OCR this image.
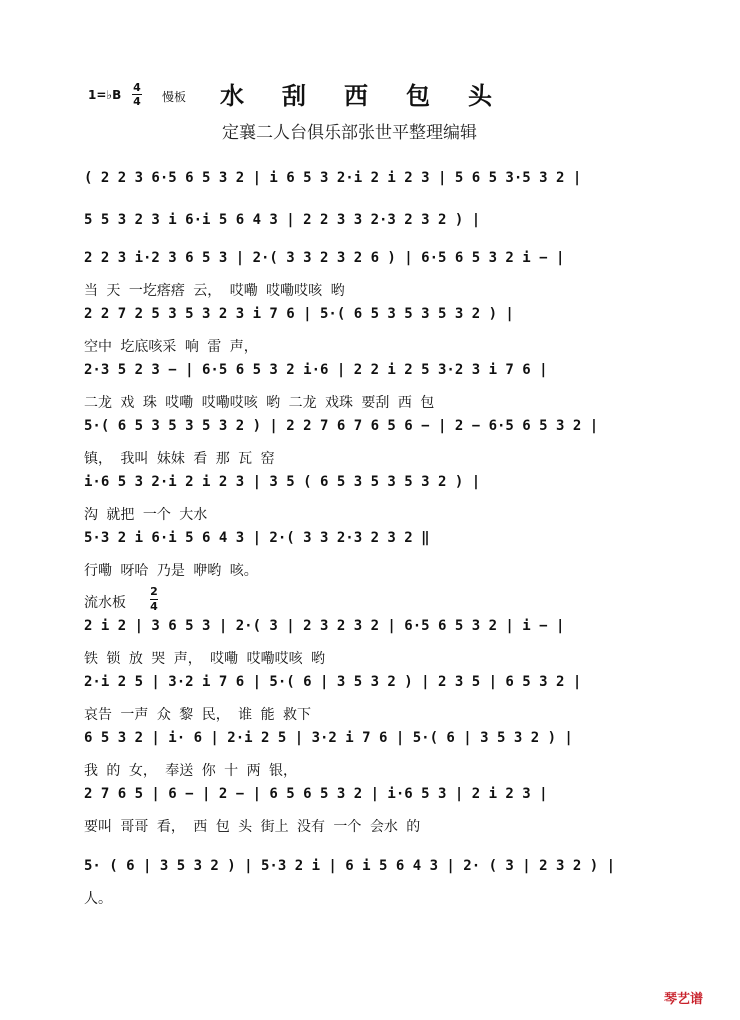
1=♭B
4
4 慢板 水刮西包头
定襄二人台俱乐部张世平整理编辑
( 2 2 3 6·5 6 5 3 2 | i 6 5 3 2·i 2 i 2 3 | 5 6 5 3·5 3 2 |
5 5 3 2 3 i 6·i 5 6 4 3 | 2 2 3 3 2·3 2 3 2 ) |
2 2 3 i·2 3 6 5 3 | 2·( 3 3 2 3 2 6 ) | 6·5 6 5 3 2 i − |
当 天 一圪瘩瘩 云， 哎嘞 哎嘞哎咳 哟
2 2 7 2 5 3 5 3 2 3 i 7 6 | 5·( 6 5 3 5 3 5 3 2 ) |
空中 圪底咳采 响 雷 声，
2·3 5 2 3 − | 6·5 6 5 3 2 i·6 | 2 2 i 2 5 3·2 3 i 7 6 |
二龙 戏 珠 哎嘞 哎嘞哎咳 哟 二龙 戏珠 要刮 西 包
5·( 6 5 3 5 3 5 3 2 ) | 2 2 7 6 7 6 5 6 − | 2 − 6·5 6 5 3 2 |
镇， 我叫 妹妹 看 那 瓦 窑
i·6 5 3 2·i 2 i 2 3 | 3 5 ( 6 5 3 5 3 5 3 2 ) |
沟 就把 一个 大水
5·3 2 i 6·i 5 6 4 3 | 2·( 3 3 2·3 2 3 2 ‖
行嘞 呀哈 乃是 咿哟 咳。
流水板
2
4
2 i 2 | 3 6 5 3 | 2·( 3 | 2 3 2 3 2 | 6·5 6 5 3 2 | i − |
铁 锁 放 哭 声， 哎嘞 哎嘞哎咳 哟
2·i 2 5 | 3·2 i 7 6 | 5·( 6 | 3 5 3 2 ) | 2 3 5 | 6 5 3 2 |
哀告 一声 众 黎 民， 谁 能 救下
6 5 3 2 | i· 6 | 2·i 2 5 | 3·2 i 7 6 | 5·( 6 | 3 5 3 2 ) |
我 的 女， 奉送 你 十 两 银，
2 7 6 5 | 6 − | 2 − | 6 5 6 5 3 2 | i·6 5 3 | 2 i 2 3 |
要叫 哥哥 看， 西 包 头 街上 没有 一个 会水 的
5· ( 6 | 3 5 3 2 ) | 5·3 2 i | 6 i 5 6 4 3 | 2· ( 3 | 2 3 2 ) |
人。
琴艺谱
